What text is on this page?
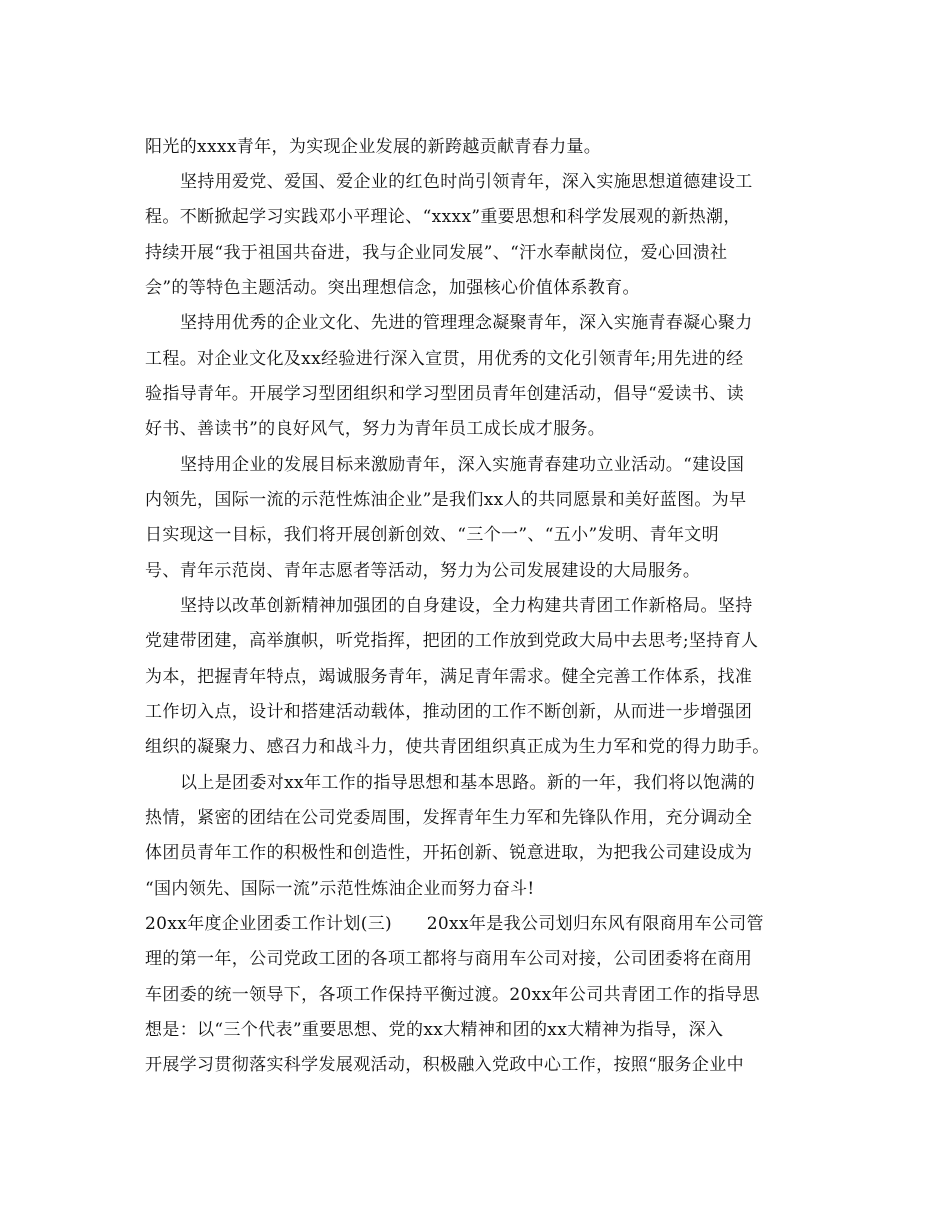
阳光的xxxx青年，为实现企业发展的新跨越贡献青春力量。
坚持用爱党、爱国、爱企业的红色时尚引领青年，深入实施思想道德建设工
程。不断掀起学习实践邓小平理论、“xxxx”重要思想和科学发展观的新热潮，
持续开展“我于祖国共奋进，我与企业同发展”、“汗水奉献岗位，爱心回溃社
会”的等特色主题活动。突出理想信念，加强核心价值体系教育。
坚持用优秀的企业文化、先进的管理理念凝聚青年，深入实施青春凝心聚力
工程。对企业文化及xx经验进行深入宣贯，用优秀的文化引领青年;用先进的经
验指导青年。开展学习型团组织和学习型团员青年创建活动，倡导“爱读书、读
好书、善读书”的良好风气，努力为青年员工成长成才服务。
坚持用企业的发展目标来激励青年，深入实施青春建功立业活动。“建设国
内领先，国际一流的示范性炼油企业”是我们xx人的共同愿景和美好蓝图。为早
日实现这一目标，我们将开展创新创效、“三个一”、“五小”发明、青年文明
号、青年示范岗、青年志愿者等活动，努力为公司发展建设的大局服务。
坚持以改革创新精神加强团的自身建设，全力构建共青团工作新格局。坚持
党建带团建，高举旗帜，听党指挥，把团的工作放到党政大局中去思考;坚持育人
为本，把握青年特点，竭诚服务青年，满足青年需求。健全完善工作体系，找准
工作切入点，设计和搭建活动载体，推动团的工作不断创新，从而进一步增强团
组织的凝聚力、感召力和战斗力，使共青团组织真正成为生力军和党的得力助手。
以上是团委对xx年工作的指导思想和基本思路。新的一年，我们将以饱满的
热情，紧密的团结在公司党委周围，发挥青年生力军和先锋队作用，充分调动全
体团员青年工作的积极性和创造性，开拓创新、锐意进取，为把我公司建设成为
“国内领先、国际一流”示范性炼油企业而努力奋斗!
20xx年度企业团委工作计划(三)　　20xx年是我公司划归东风有限商用车公司管
理的第一年，公司党政工团的各项工都将与商用车公司对接，公司团委将在商用
车团委的统一领导下，各项工作保持平衡过渡。20xx年公司共青团工作的指导思
想是：以“三个代表”重要思想、党的xx大精神和团的xx大精神为指导，深入
开展学习贯彻落实科学发展观活动，积极融入党政中心工作，按照“服务企业中
